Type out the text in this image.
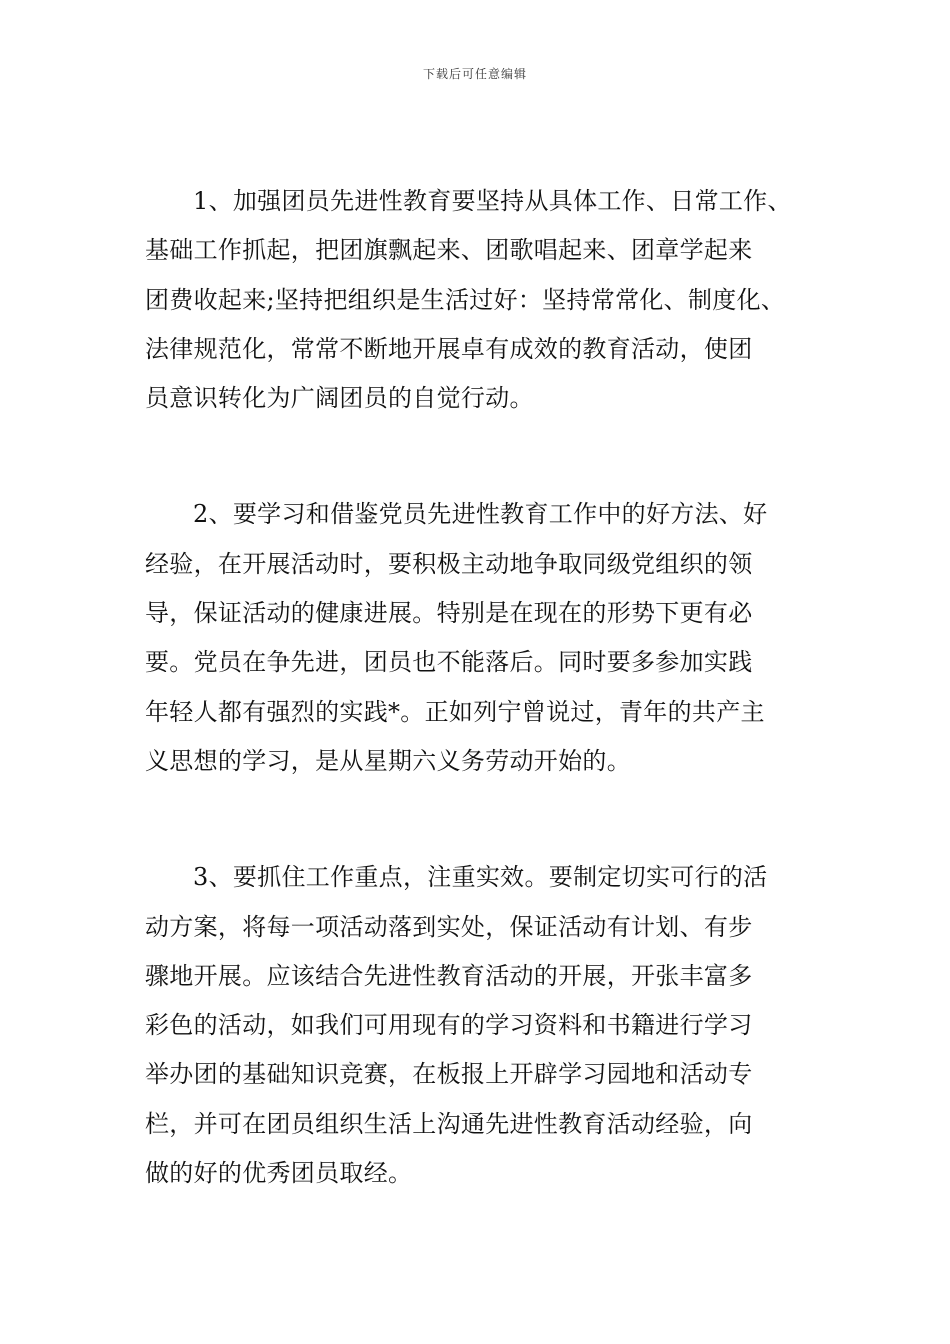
下载后可任意编辑
1、加强团员先进性教育要坚持从具体工作、日常工作、
基础工作抓起，把团旗飘起来、团歌唱起来、团章学起来
团费收起来;坚持把组织是生活过好：坚持常常化、制度化、
法律规范化，常常不断地开展卓有成效的教育活动，使团
员意识转化为广阔团员的自觉行动。
2、要学习和借鉴党员先进性教育工作中的好方法、好
经验，在开展活动时，要积极主动地争取同级党组织的领
导，保证活动的健康进展。特别是在现在的形势下更有必
要。党员在争先进，团员也不能落后。同时要多参加实践
年轻人都有强烈的实践*。正如列宁曾说过，青年的共产主
义思想的学习，是从星期六义务劳动开始的。
3、要抓住工作重点，注重实效。要制定切实可行的活
动方案，将每一项活动落到实处，保证活动有计划、有步
骤地开展。应该结合先进性教育活动的开展，开张丰富多
彩色的活动，如我们可用现有的学习资料和书籍进行学习
举办团的基础知识竞赛，在板报上开辟学习园地和活动专
栏，并可在团员组织生活上沟通先进性教育活动经验，向
做的好的优秀团员取经。
